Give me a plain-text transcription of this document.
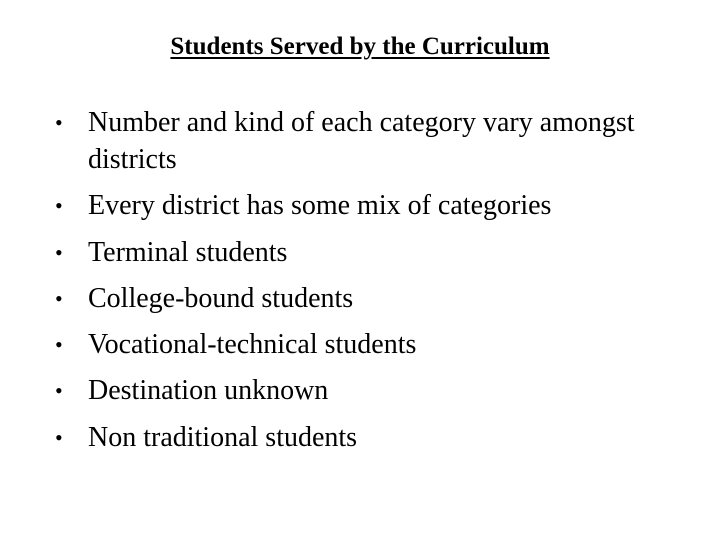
Students Served by the Curriculum
• Number and kind of each category vary amongst districts
• Every district has some mix of categories
• Terminal students
• College-bound students
• Vocational-technical students
• Destination unknown
• Non traditional students
